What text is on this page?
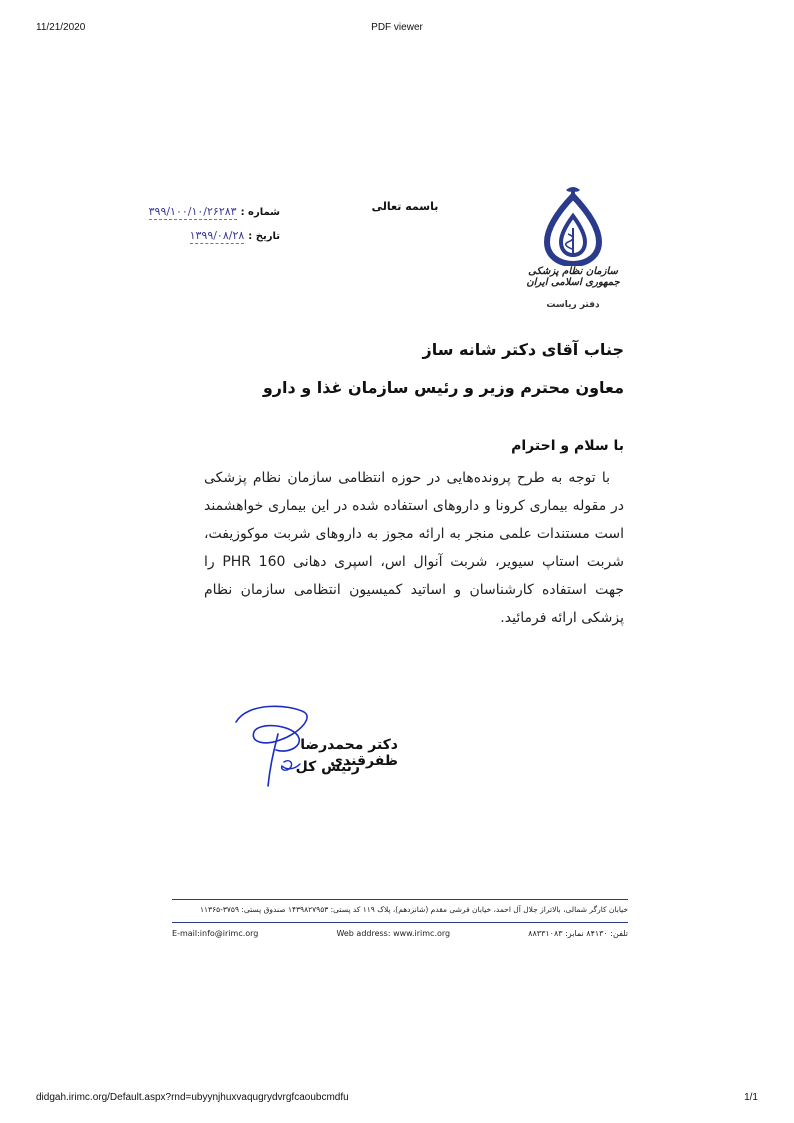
11/21/2020	PDF viewer
باسمه تعالی
شماره :
۳۹۹/۱۰۰/۱۰/۲۶۲۸۳
تاریخ :
۱۳۹۹/۰۸/۲۸
سازمان نظام پزشکی جمهوری اسلامی ایران
دفتر ریاست
جناب آقای دکتر شانه ساز
معاون محترم وزیر و رئیس سازمان غذا و دارو
با سلام و احترام

با توجه به طرح پرونده‌هایی در حوزه انتظامی سازمان نظام پزشکی در مقوله بیماری کرونا و داروهای استفاده شده در این بیماری خواهشمند است مستندات علمی منجر به ارائه مجوز به داروهای شربت موکوزیفت، شربت استاپ سیویر، شربت آنوال اس، اسپری دهانی PHR 160 را جهت استفاده کارشناسان و اساتید کمیسیون انتظامی سازمان نظام پزشکی ارائه فرمائید.

دکتر محمدرضا ظفرقندی
رئیس کل
خیابان کارگر شمالی، بالاتراز جلال آل احمد، خیابان فرشی مقدم (شانزدهم)، پلاک ۱۱۹ کد پستی: ۱۴۳۹۸۲۷۹۵۳ صندوق پستی: ۳۷۵۹-۱۱۳۶۵
تلفن: ۸۴۱۳۰ نمابر: ۸۸۳۳۱۰۸۳
Web address: www.irimc.org
E-mail:info@irimc.org
didgah.irimc.org/Default.aspx?rnd=ubyynjhuxvaqugrydvrgfcaoubcmdfu	1/1
